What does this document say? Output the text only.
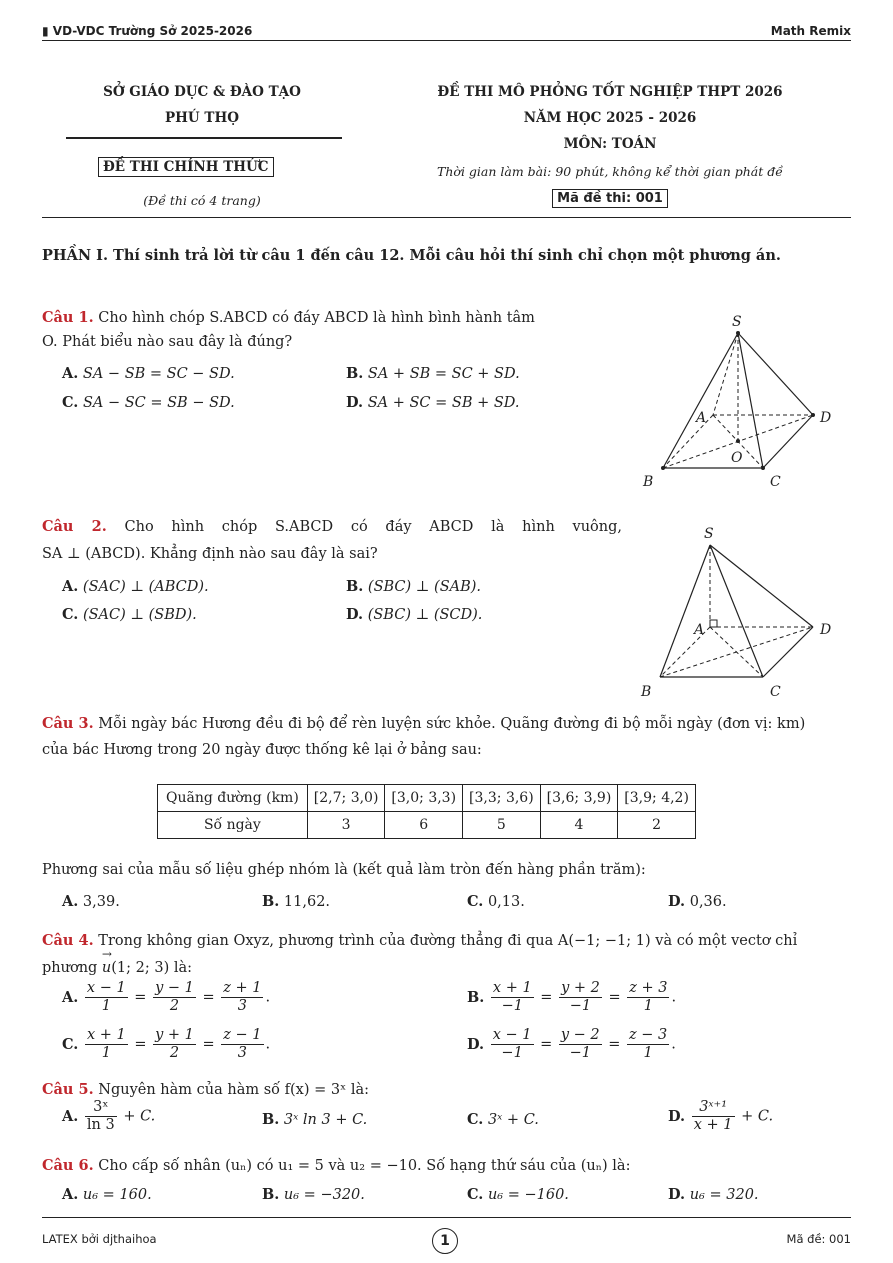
▮ VD-VDC Trường Sở 2025-2026	Math Remix
SỞ GIÁO DỤC & ĐÀO TẠO
PHÚ THỌ
ĐỀ THI CHÍNH THỨC
(Đề thi có 4 trang)
ĐỀ THI MÔ PHỎNG TỐT NGHIỆP THPT 2026
NĂM HỌC 2025 - 2026
MÔN: TOÁN
Thời gian làm bài: 90 phút, không kể thời gian phát đề
Mã đề thi: 001
PHẦN I. Thí sinh trả lời từ câu 1 đến câu 12. Mỗi câu hỏi thí sinh chỉ chọn một phương án.
Câu 1. Cho hình chóp S.ABCD có đáy ABCD là hình bình hành tâm
O. Phát biểu nào sau đây là đúng?
A. SA − SB = SC − SD.	B. SA + SB = SC + SD.
C. SA − SC = SB − SD.	D. SA + SC = SB + SD.
S
A
B	C
D
O
Câu 2. Cho hình chóp S.ABCD có đáy ABCD là hình vuông,
SA ⊥ (ABCD). Khẳng định nào sau đây là sai?
A. (SAC) ⊥ (ABCD).	B. (SBC) ⊥ (SAB).
C. (SAC) ⊥ (SBD).	D. (SBC) ⊥ (SCD).
S
A
B	C
D
Câu 3. Mỗi ngày bác Hương đều đi bộ để rèn luyện sức khỏe. Quãng đường đi bộ mỗi ngày (đơn vị: km)
của bác Hương trong 20 ngày được thống kê lại ở bảng sau:
Quãng đường (km)	[2,7; 3,0)	[3,0; 3,3)	[3,3; 3,6)	[3,6; 3,9)	[3,9; 4,2)
Số ngày	3	6	5	4	2
Phương sai của mẫu số liệu ghép nhóm là (kết quả làm tròn đến hàng phần trăm):
A. 3,39.	B. 11,62.	C. 0,13.	D. 0,36.
Câu 4. Trong không gian Oxyz, phương trình của đường thẳng đi qua A(−1; −1; 1) và có một vectơ chỉ
phương → u(1; 2; 3) là:
A. $\frac{x - 1}{1} = \frac{y - 1}{2} = \frac{z + 1}{3}$ .	B. $\frac{x + 1}{-1} = \frac{y + 2}{-1} = \frac{z + 3}{1}$ .
C. $\frac{x + 1}{1} = \frac{y + 1}{2} = \frac{z - 1}{3}$ .	D. $\frac{x - 1}{-1} = \frac{y - 2}{-1} = \frac{z - 3}{1}$ .
Câu 5. Nguyên hàm của hàm số f(x) = 3ˣ là:
A. $\frac{\text{3ˣ}}{\ln 3} + C$.	B. 3ˣ ln 3 + C.	C. 3ˣ + C.	D. $\frac{\text{3ˣ⁺¹}}{x + 1} + C$.
Câu 6. Cho cấp số nhân (uₙ) có u₁ = 5 và u₂ = −10. Số hạng thứ sáu của (uₙ) là:
A. u₆ = 160.	B. u₆ = −320.	C. u₆ = −160.	D. u₆ = 320.
LATEX bởi djthaihoa	1	Mã đề: 001
